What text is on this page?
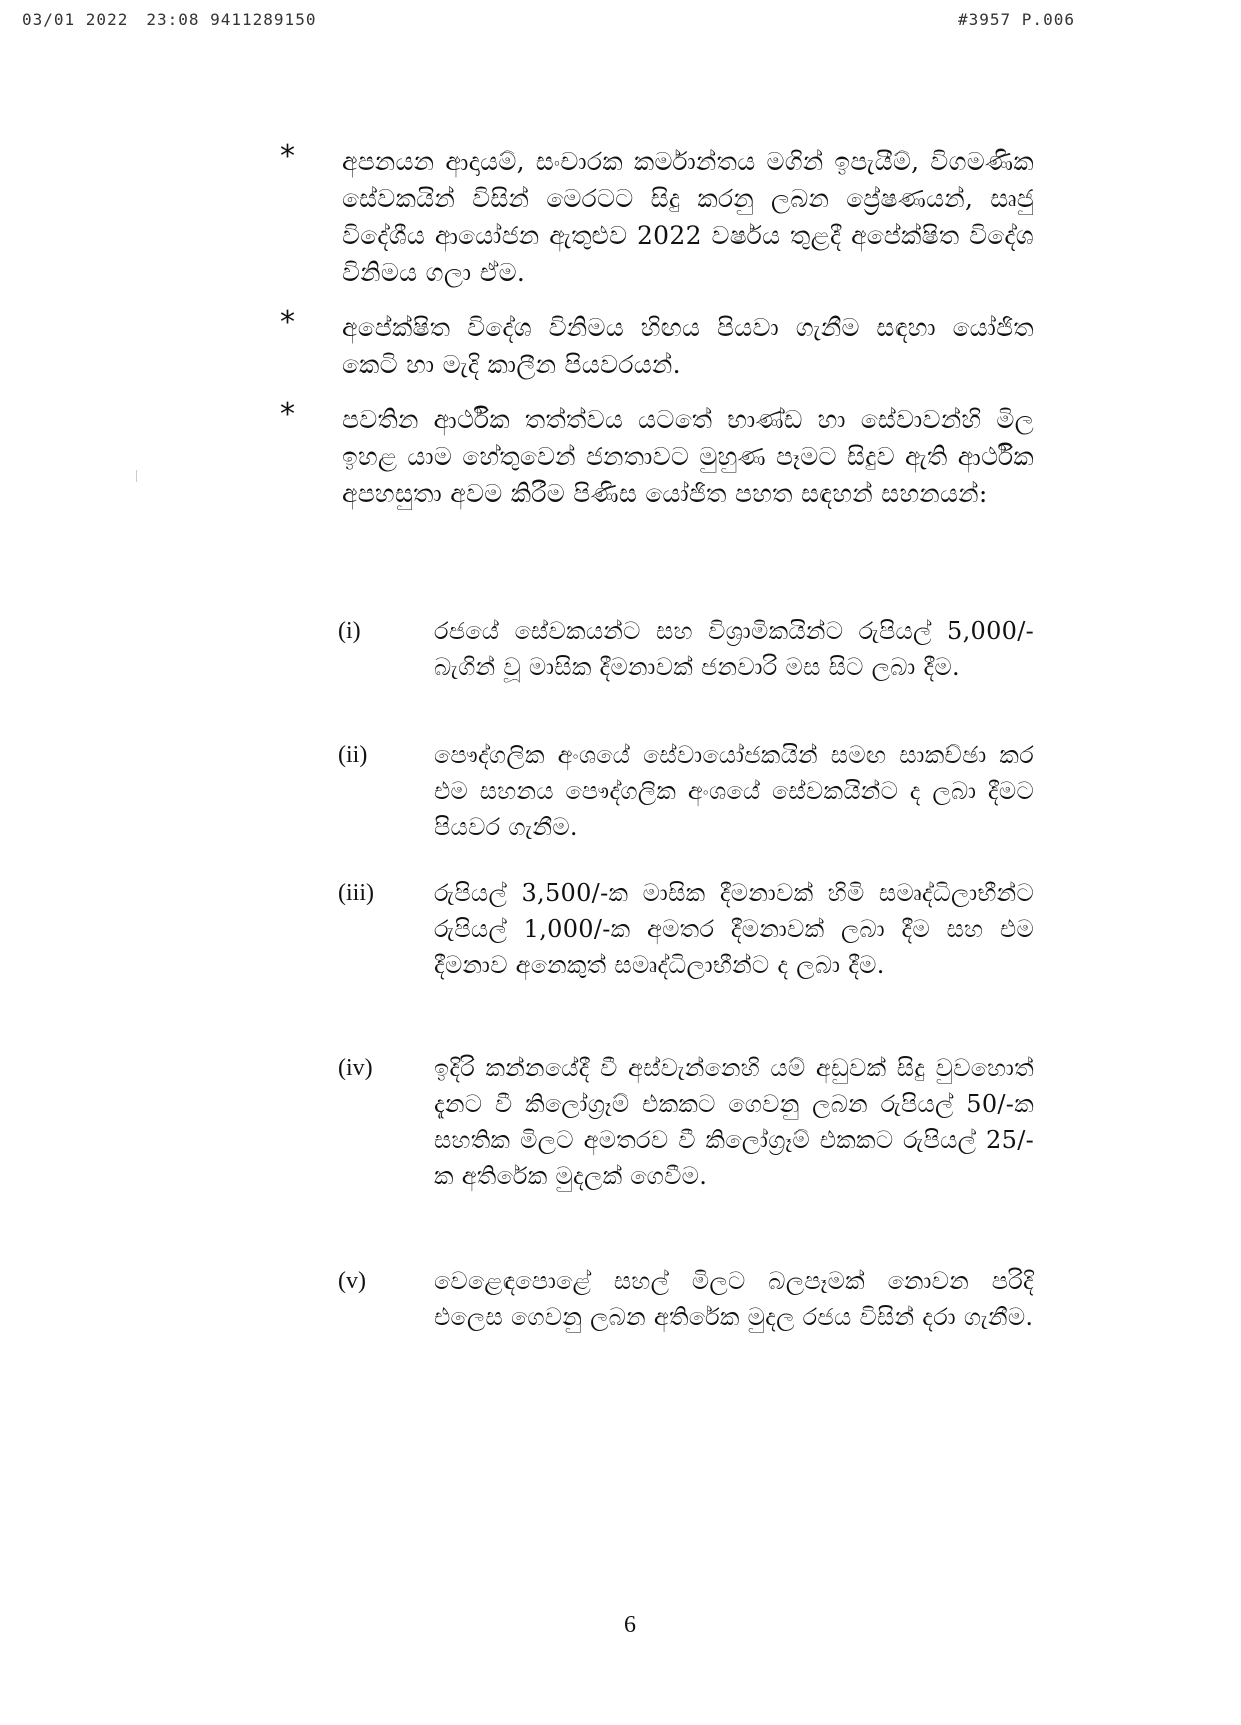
03/01 2022 23:08 9411289150	#3957 P.006
* අපනයන ආදායම්, සංචාරක කර්මාන්තය මගින් ඉපැයීම්, විගමණික සේවකයින් විසින් මෙරටට සිදු කරනු ලබන ප්‍රේෂණයන්, සෘජු විදේශීය ආයෝජන ඇතුළුව 2022 වර්ෂය තුළදී අපේක්ෂිත විදේශ විනිමය ගලා ඒම.
* අපේක්ෂිත විදේශ විනිමය හිඟය පියවා ගැනීම සඳහා යෝජිත කෙටි හා මැදි කාලීන පියවරයන්.
* පවතින ආර්ථික තත්ත්වය යටතේ භාණ්ඩ හා සේවාවන්හි මිල ඉහළ යාම හේතුවෙන් ජනතාවට මුහුණ පෑමට සිදුව ඇති ආර්ථික අපහසුතා අවම කිරීම පිණිස යෝජිත පහත සඳහන් සහනයන්:
(i)	රජයේ සේවකයන්ට සහ විශ්‍රාමිකයින්ට රුපියල් 5,000/- බැගින් වූ මාසික දීමනාවක් ජනවාරි මස සිට ලබා දීම.
(ii)	පෞද්ගලික අංශයේ සේවායෝජකයින් සමඟ සාකච්ඡා කර එම සහනය පෞද්ගලික අංශයේ සේවකයින්ට ද ලබා දීමට පියවර ගැනීම.
(iii)	රුපියල් 3,500/-ක මාසික දීමනාවක් හිමි සමෘද්ධිලාභීන්ට රුපියල් 1,000/-ක අමතර දීමනාවක් ලබා දීම සහ එම දීමනාව අනෙකුත් සමෘද්ධිලාභීන්ට ද ලබා දීම.
(iv)	ඉදිරි කන්නයේදී වී අස්වැන්නෙහි යම් අඩුවක් සිදු වුවහොත් දැනට වී කිලෝග්‍රෑම් එකකට ගෙවනු ලබන රුපියල් 50/-ක සහතික මිලට අමතරව වී කිලෝග්‍රෑම් එකකට රුපියල් 25/-ක අතිරේක මුදලක් ගෙවීම.
(v)	වෙළෙඳපොළේ සහල් මිලට බලපෑමක් නොවන පරිදි එලෙස ගෙවනු ලබන අතිරේක මුදල රජය විසින් දරා ගැනීම.
6
